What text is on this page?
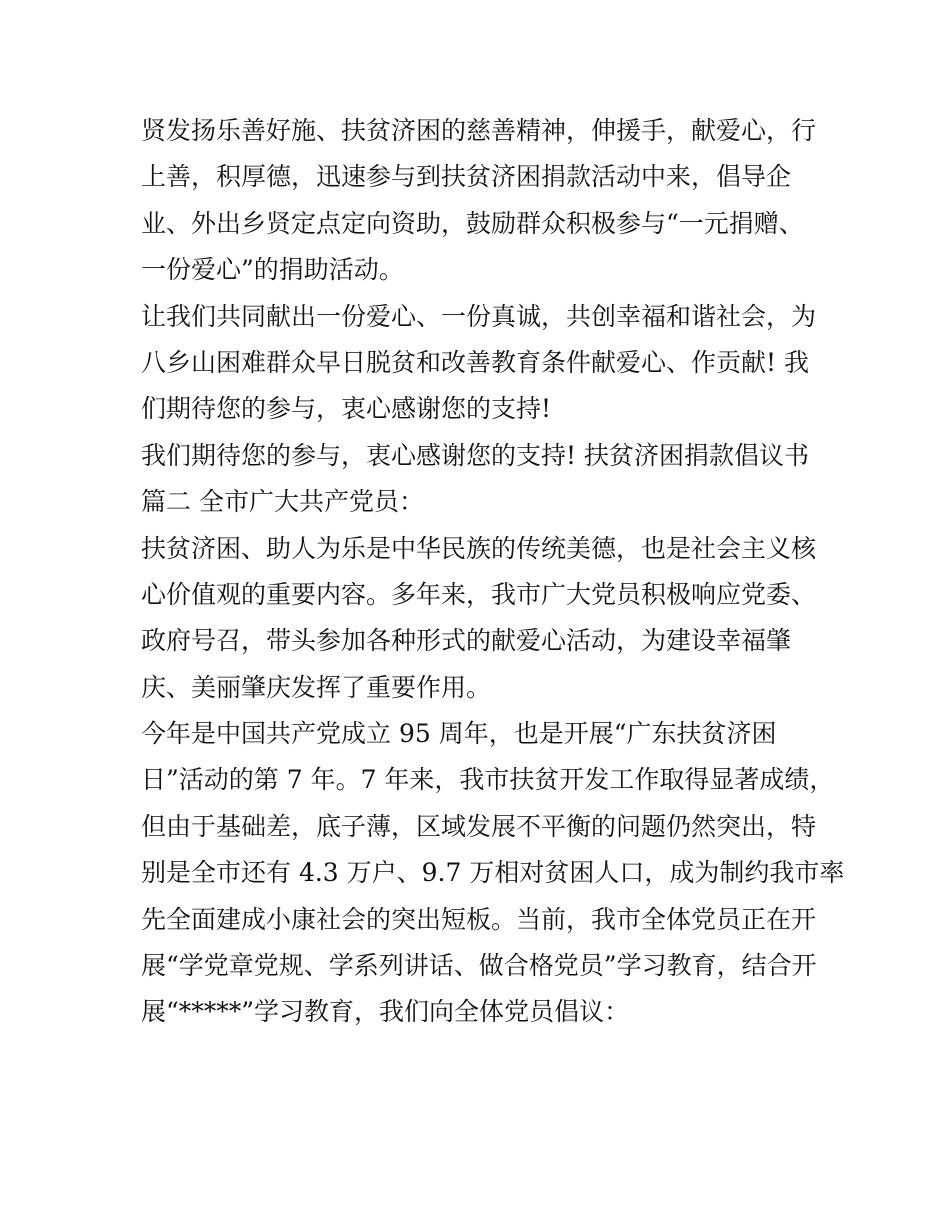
贤发扬乐善好施、扶贫济困的慈善精神，伸援手，献爱心，行
上善，积厚德，迅速参与到扶贫济困捐款活动中来，倡导企
业、外出乡贤定点定向资助，鼓励群众积极参与“一元捐赠、
一份爱心”的捐助活动。
让我们共同献出一份爱心、一份真诚，共创幸福和谐社会，为
八乡山困难群众早日脱贫和改善教育条件献爱心、作贡献! 我
们期待您的参与，衷心感谢您的支持!
我们期待您的参与，衷心感谢您的支持! 扶贫济困捐款倡议书
篇二 全市广大共产党员：
扶贫济困、助人为乐是中华民族的传统美德，也是社会主义核
心价值观的重要内容。多年来，我市广大党员积极响应党委、
政府号召，带头参加各种形式的献爱心活动，为建设幸福肇
庆、美丽肇庆发挥了重要作用。
今年是中国共产党成立 95 周年，也是开展“广东扶贫济困
日”活动的第 7 年。7 年来，我市扶贫开发工作取得显著成绩，
但由于基础差，底子薄，区域发展不平衡的问题仍然突出，特
别是全市还有 4.3 万户、9.7 万相对贫困人口，成为制约我市率
先全面建成小康社会的突出短板。当前，我市全体党员正在开
展“学党章党规、学系列讲话、做合格党员”学习教育，结合开
展“*****”学习教育，我们向全体党员倡议：
